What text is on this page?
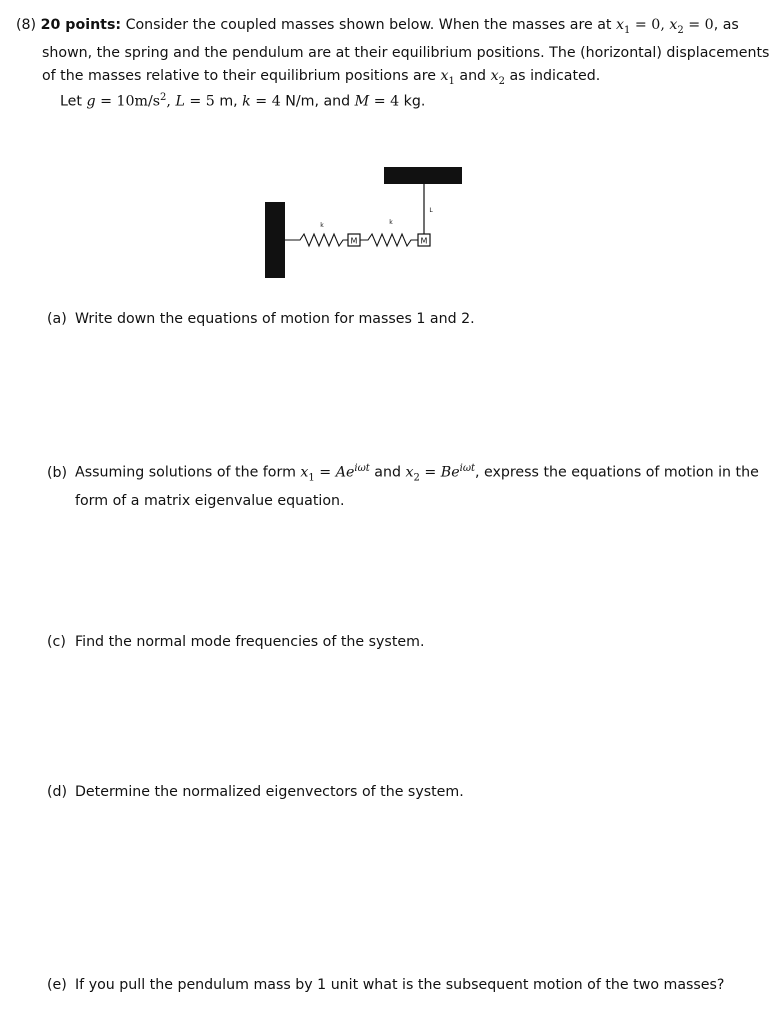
(8) 20 points: Consider the coupled masses shown below. When the masses are at $x_1 = 0$, $x_2 = 0$, as shown, the spring and the pendulum are at their equilibrium positions. The (horizontal) displacements of the masses relative to their equilibrium positions are $x_1$ and $x_2$ as indicated.
Let $g = 10m/s^2$, L = 5 m, k = 4 N/m, and M = 4 kg.
M	M
k	k
L
(a) Write down the equations of motion for masses 1 and 2.
(b) Assuming solutions of the form $x_1 = Ae^{i\omega t}$ and $x_2 = Be^{i\omega t}$, express the equations of motion in the form of a matrix eigenvalue equation.
(c) Find the normal mode frequencies of the system.
(d) Determine the normalized eigenvectors of the system.
(e) If you pull the pendulum mass by 1 unit what is the subsequent motion of the two masses?
